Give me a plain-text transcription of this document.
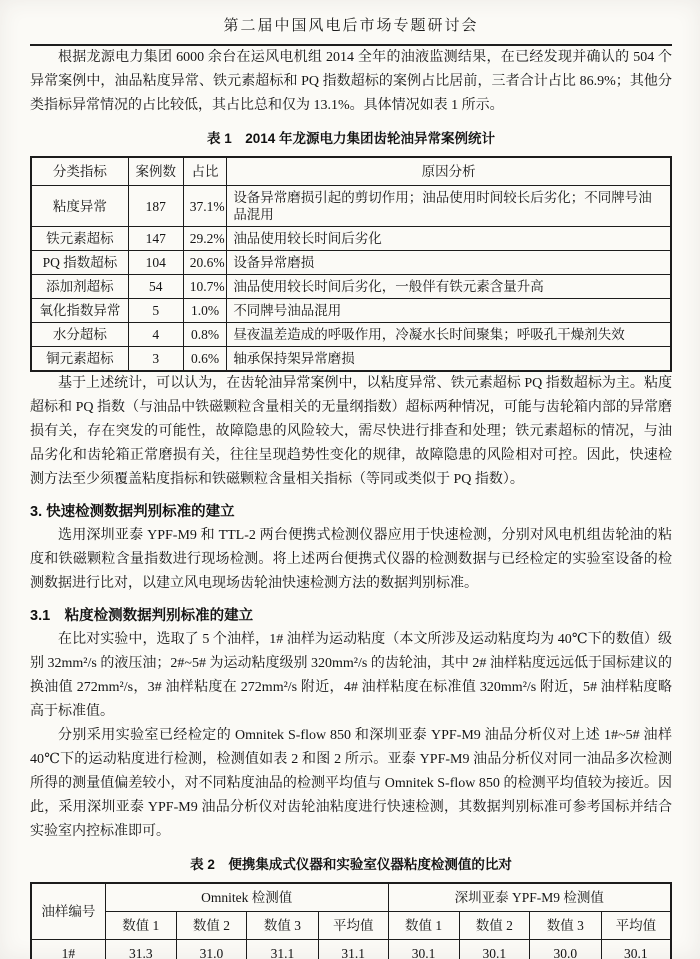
第二届中国风电后市场专题研讨会

根据龙源电力集团 6000 余台在运风电机组 2014 全年的油液监测结果，在已经发现并确认的 504 个异常案例中，油品粘度异常、铁元素超标和 PQ 指数超标的案例占比居前，三者合计占比 86.9%；其他分类指标异常情况的占比较低，其占比总和仅为 13.1%。具体情况如表 1 所示。

表 1　2014 年龙源电力集团齿轮油异常案例统计
分类指标	案例数	占比	原因分析
粘度异常	187	37.1%	设备异常磨损引起的剪切作用；油品使用时间较长后劣化；不同牌号油品混用
铁元素超标	147	29.2%	油品使用较长时间后劣化
PQ 指数超标	104	20.6%	设备异常磨损
添加剂超标	54	10.7%	油品使用较长时间后劣化，一般伴有铁元素含量升高
氧化指数异常	5	1.0%	不同牌号油品混用
水分超标	4	0.8%	昼夜温差造成的呼吸作用，冷凝水长时间聚集；呼吸孔干燥剂失效
铜元素超标	3	0.6%	轴承保持架异常磨损

基于上述统计，可以认为，在齿轮油异常案例中，以粘度异常、铁元素超标 PQ 指数超标为主。粘度超标和 PQ 指数（与油品中铁磁颗粒含量相关的无量纲指数）超标两种情况，可能与齿轮箱内部的异常磨损有关，存在突发的可能性，故障隐患的风险较大，需尽快进行排查和处理；铁元素超标的情况，与油品劣化和齿轮箱正常磨损有关，往往呈现趋势性变化的规律，故障隐患的风险相对可控。因此，快速检测方法至少须覆盖粘度指标和铁磁颗粒含量相关指标（等同或类似于 PQ 指数）。

3. 快速检测数据判别标准的建立

选用深圳亚泰 YPF-M9 和 TTL-2 两台便携式检测仪器应用于快速检测，分别对风电机组齿轮油的粘度和铁磁颗粒含量指数进行现场检测。将上述两台便携式仪器的检测数据与已经检定的实验室设备的检测数据进行比对，以建立风电现场齿轮油快速检测方法的数据判别标准。

3.1　粘度检测数据判别标准的建立

在比对实验中，选取了 5 个油样，1# 油样为运动粘度（本文所涉及运动粘度均为 40℃下的数值）级别 32mm²/s 的液压油；2#~5# 为运动粘度级别 320mm²/s 的齿轮油，其中 2# 油样粘度远远低于国标建议的换油值 272mm²/s，3# 油样粘度在 272mm²/s 附近，4# 油样粘度在标准值 320mm²/s 附近，5# 油样粘度略高于标准值。

分别采用实验室已经检定的 Omnitek S-flow 850 和深圳亚泰 YPF-M9 油品分析仪对上述 1#~5# 油样 40℃下的运动粘度进行检测，检测值如表 2 和图 2 所示。亚泰 YPF-M9 油品分析仪对同一油品多次检测所得的测量值偏差较小，对不同粘度油品的检测平均值与 Omnitek S-flow 850 的检测平均值较为接近。因此，采用深圳亚泰 YPF-M9 油品分析仪对齿轮油粘度进行快速检测，其数据判别标准可参考国标并结合实验室内控标准即可。

表 2　便携集成式仪器和实验室仪器粘度检测值的比对
油样编号	Omnitek 检测值				深圳亚泰 YPF-M9 检测值			
	数值 1	数值 2	数值 3	平均值	数值 1	数值 2	数值 3	平均值
1#	31.3	31.0	31.1	31.1	30.1	30.1	30.0	30.1
